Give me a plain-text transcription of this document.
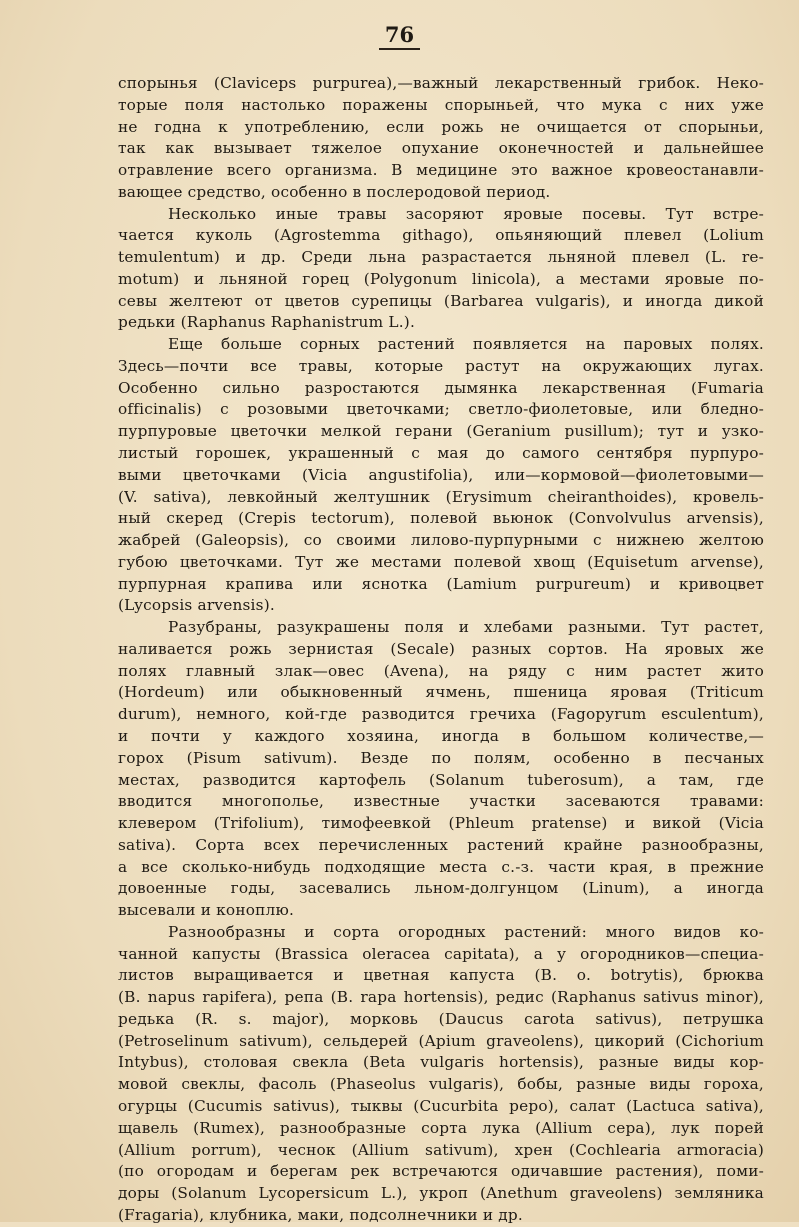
76
спорынья (Claviceps purpurea),—важный лекарственный грибок. Неко-
торые поля настолько поражены спорыньей, что мука с них уже
не годна к употреблению, если рожь не очищается от спорыньи,
так как вызывает тяжелое опухание оконечностей и дальнейшее
отравление всего организма. В медицине это важное кровеостанавли-
вающее средство, особенно в послеродовой период.
Несколько иные травы засоряют яровые посевы. Тут встре-
чается куколь (Agrostemma githago), опьяняющий плевел (Lolium
temulentum) и др. Среди льна разрастается льняной плевел (L. re-
motum) и льняной горец (Polygonum linicola), а местами яровые по-
севы желтеют от цветов сурепицы (Barbarea vulgaris), и иногда дикой
редьки (Raphanus Raphanistrum L.).
Еще больше сорных растений появляется на паровых полях.
Здесь—почти все травы, которые растут на окружающих лугах.
Особенно сильно разростаются дымянка лекарственная (Fumaria
officinalis) с розовыми цветочками; светло-фиолетовые, или бледно-
пурпуровые цветочки мелкой герани (Geranium pusillum); тут и узко-
листый горошек, украшенный с мая до самого сентября пурпуро-
выми цветочками (Vicia angustifolia), или—кормовой—фиолетовыми—
(V. sativa), левкойный желтушник (Erysimum cheiranthoides), кровель-
ный скеред (Crepis tectorum), полевой вьюнок (Convolvulus arvensis),
жабрей (Galeopsis), со своими лилово-пурпурными с нижнею желтою
губою цветочками. Тут же местами полевой хвощ (Equisetum arvense),
пурпурная крапива или яснотка (Lamium purpureum) и кривоцвет
(Lycopsis arvensis).
Разубраны, разукрашены поля и хлебами разными. Тут растет,
наливается рожь зернистая (Secale) разных сортов. На яровых же
полях главный злак—овес (Avena), на ряду с ним растет жито
(Hordeum) или обыкновенный ячмень, пшеница яровая (Triticum
durum), немного, кой-где разводится гречиха (Fagopyrum esculentum),
и почти у каждого хозяина, иногда в большом количестве,—
горох (Pisum sativum). Везде по полям, особенно в песчаных
местах, разводится картофель (Solanum tuberosum), а там, где
вводится многополье, известные участки засеваются травами:
клевером (Trifolium), тимофеевкой (Phleum pratense) и викой (Vicia
sativa). Сорта всех перечисленных растений крайне разнообразны,
а все сколько-нибудь подходящие места с.-з. части края, в прежние
довоенные годы, засевались льном-долгунцом (Linum), а иногда
высевали и коноплю.
Разнообразны и сорта огородных растений: много видов ко-
чанной капусты (Brassica oleracea capitata), а у огородников—специа-
листов выращивается и цветная капуста (B. o. botrytis), брюква
(B. napus rapifera), репа (B. rapa hortensis), редис (Raphanus sativus minor),
редька (R. s. major), морковь (Daucus carota sativus), петрушка
(Petroselinum sativum), сельдерей (Apium graveolens), цикорий (Cichorium
Intybus), столовая свекла (Beta vulgaris hortensis), разные виды кор-
мовой свеклы, фасоль (Phaseolus vulgaris), бобы, разные виды гороха,
огурцы (Cucumis sativus), тыквы (Cucurbita pepo), салат (Lactuca sativa),
щавель (Rumex), разнообразные сорта лука (Allium cepa), лук порей
(Allium porrum), чеснок (Allium sativum), хрен (Cochlearia armoracia)
(по огородам и берегам рек встречаются одичавшие растения), поми-
доры (Solanum Lycopersicum L.), укроп (Anethum graveolens) земляника
(Fragaria), клубника, маки, подсолнечники и др.
